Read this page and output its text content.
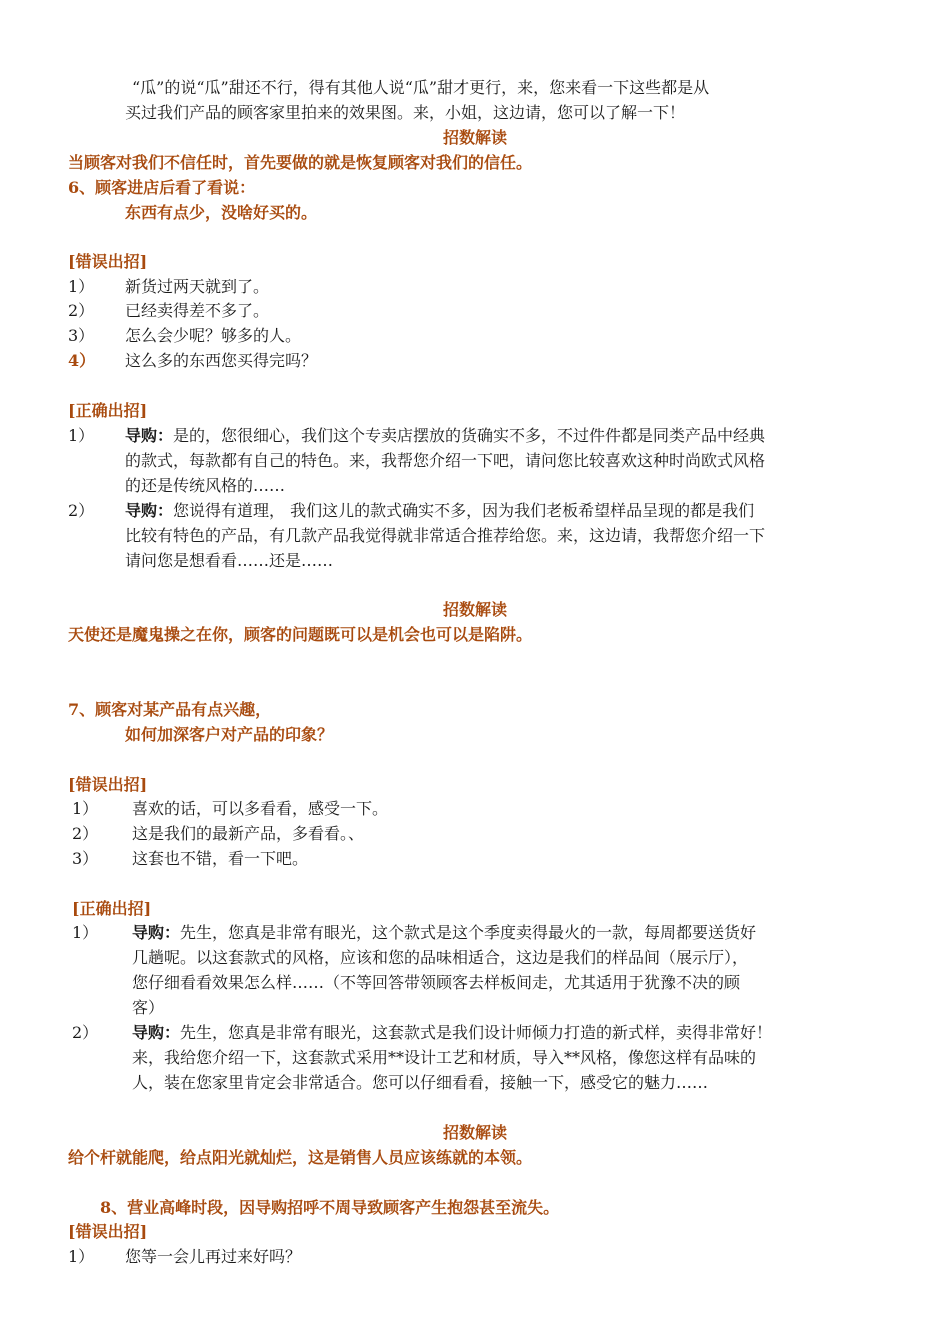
“瓜”的说“瓜”甜还不行，得有其他人说“瓜”甜才更行，来，您来看一下这些都是从
买过我们产品的顾客家里拍来的效果图。来，小姐，这边请，您可以了解一下！
招数解读
当顾客对我们不信任时，首先要做的就是恢复顾客对我们的信任。
6、顾客进店后看了看说：
东西有点少，没啥好买的。
[错误出招]
1） 新货过两天就到了。
2） 已经卖得差不多了。
3） 怎么会少呢？够多的人。
4） 这么多的东西您买得完吗？
[正确出招]
1） 导购：是的，您很细心，我们这个专卖店摆放的货确实不多，不过件件都是同类产品中经典
的款式，每款都有自己的特色。来，我帮您介绍一下吧，请问您比较喜欢这种时尚欧式风格
的还是传统风格的……
2） 导购：您说得有道理， 我们这儿的款式确实不多，因为我们老板希望样品呈现的都是我们
比较有特色的产品，有几款产品我觉得就非常适合推荐给您。来，这边请，我帮您介绍一下
请问您是想看看……还是……
招数解读
天使还是魔鬼操之在你，顾客的问题既可以是机会也可以是陷阱。
7、顾客对某产品有点兴趣，
如何加深客户对产品的印象？
[错误出招]
1） 喜欢的话，可以多看看，感受一下。
2） 这是我们的最新产品，多看看。、
3） 这套也不错，看一下吧。
[正确出招]
1） 导购：先生，您真是非常有眼光，这个款式是这个季度卖得最火的一款，每周都要送货好
几趟呢。以这套款式的风格，应该和您的品味相适合，这边是我们的样品间（展示厅），
您仔细看看效果怎么样……（不等回答带领顾客去样板间走，尤其适用于犹豫不决的顾
客）
2） 导购：先生，您真是非常有眼光，这套款式是我们设计师倾力打造的新式样，卖得非常好！
来，我给您介绍一下，这套款式采用**设计工艺和材质，导入**风格，像您这样有品味的
人，装在您家里肯定会非常适合。您可以仔细看看，接触一下，感受它的魅力……
招数解读
给个杆就能爬，给点阳光就灿烂，这是销售人员应该练就的本领。
8、营业高峰时段，因导购招呼不周导致顾客产生抱怨甚至流失。
[错误出招]
1） 您等一会儿再过来好吗？
